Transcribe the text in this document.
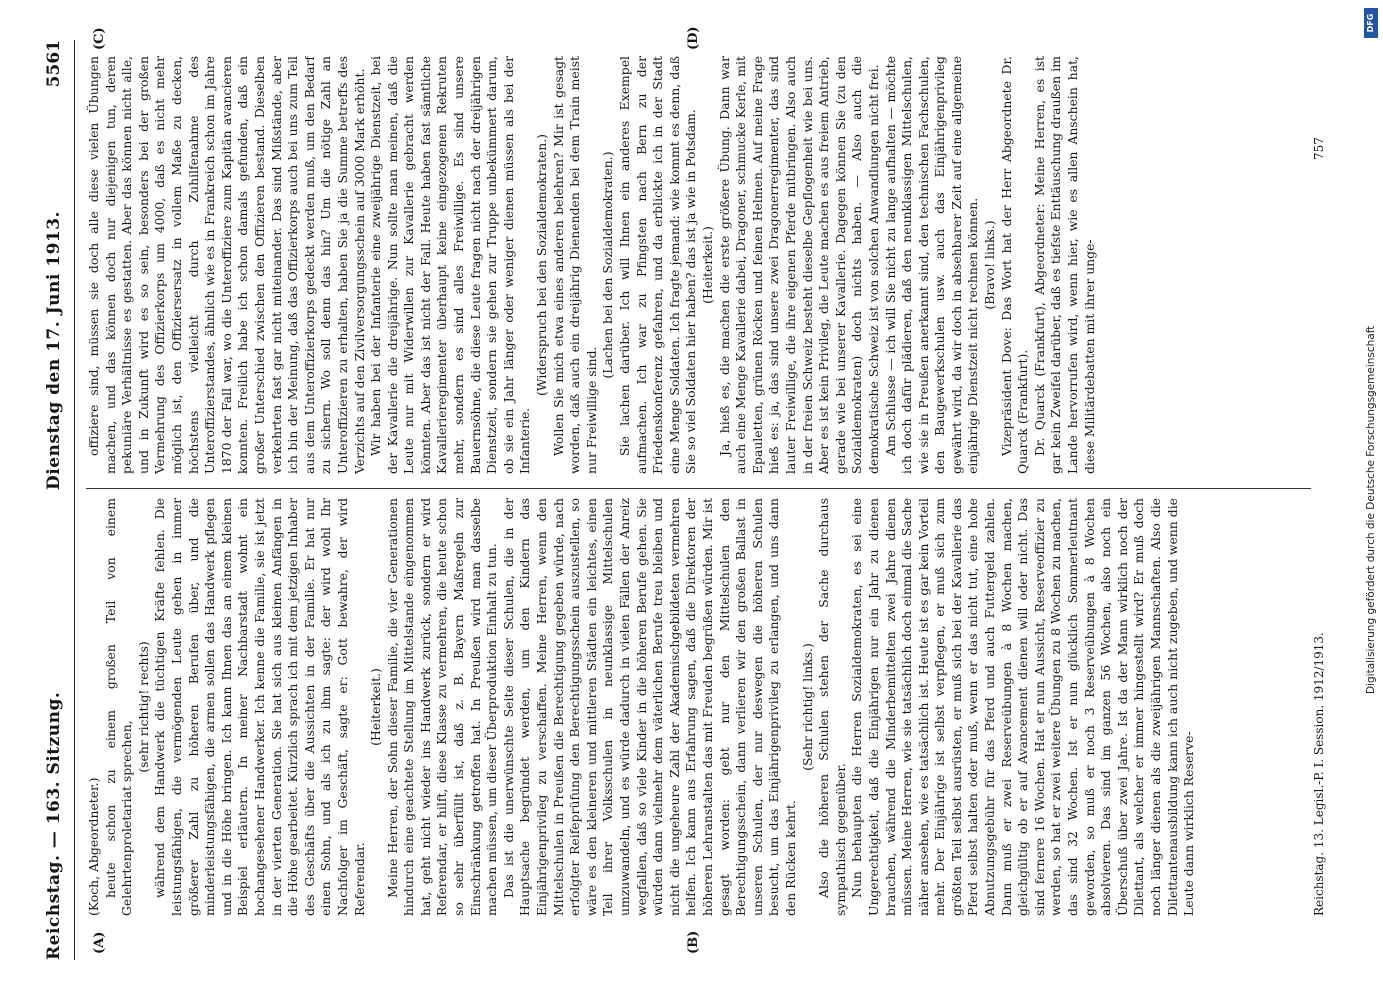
Reichstag. — 163. Sitzung.
Dienstag den 17. Juni 1913.
5561
(A)	(B)
(C)	(D)

(Koch, Abgeordneter.) heute schon zu einem großen Teil von einem Gelehrtenproletariat sprechen,

(sehr richtig! rechts) während dem Handwerk die tüchtigen Kräfte fehlen. Die leistungsfähigen, die vermögenden Leute gehen in immer größerer Zahl zu höheren Berufen über, und die minderleistungsfähigen, die armen sollen das Handwerk pflegen und in die Höhe bringen. Ich kann Ihnen das an einem kleinen Beispiel erläutern. In meiner Nachbarstadt wohnt ein hochangesehener Handwerker. Ich kenne die Familie, sie ist jetzt in der vierten Generation. Sie hat sich aus kleinen Anfängen in die Höhe gearbeitet. Kürzlich sprach ich mit dem jetzigen Inhaber des Geschäfts über die Aussichten in der Familie. Er hat nur einen Sohn, und als ich zu ihm sagte: der wird wohl Ihr Nachfolger im Geschäft, sagte er: Gott bewahre, der wird Referendar.

(Heiterkeit.) Meine Herren, der Sohn dieser Familie, die vier Generationen hindurch eine geachtete Stellung im Mittelstande eingenommen hat, geht nicht wieder ins Handwerk zurück, sondern er wird Referendar, er hilft, diese Klasse zu vermehren, die heute schon so sehr überfüllt ist, daß z. B. Bayern Maßregeln zur Einschränkung getroffen hat. In Preußen wird man dasselbe machen müssen, um dieser Überproduktion Einhalt zu tun. Das ist die unerwünschte Seite dieser Schulen, die in der Hauptsache begründet werden, um den Kindern das Einjährigenprivileg zu verschaffen. Meine Herren, wenn den Mittelschulen in Preußen die Berechtigung gegeben würde, nach erfolgter Reifeprüfung den Berechtigungsschein auszustellen, so wäre es den kleineren und mittleren Städten ein leichtes, einen Teil ihrer Volksschulen in neunklassige Mittelschulen umzuwandeln, und es würde dadurch in vielen Fällen der Anreiz wegfallen, daß so viele Kinder in die höheren Berufe gehen. Sie würden dann vielmehr dem väterlichen Berufe treu bleiben und nicht die ungeheure Zahl der Akademischgebildeten vermehren helfen. Ich kann aus Erfahrung sagen, daß die Direktoren der höheren Lehranstalten das mit Freuden begrüßen würden. Mir ist gesagt worden: gebt nur den Mittelschulen den Berechtigungsschein, dann verlieren wir den großen Ballast in unseren Schulen, der nur deswegen die höheren Schulen besucht, um das Einjährigenprivileg zu erlangen, und uns dann den Rücken kehrt.

(Sehr richtig! links.) Also die höheren Schulen stehen der Sache durchaus sympathisch gegenüber. Nun behaupten die Herren Sozialdemokraten, es sei eine Ungerechtigkeit, daß die Einjährigen nur ein Jahr zu dienen brauchen, während die Minderbemittelten zwei Jahre dienen müssen. Meine Herren, wie sie tatsächlich doch einmal die Sache näher ansehen, wie es tatsächlich ist. Heute ist es gar kein Vorteil mehr. Der Einjährige ist selbst verpflegen, er muß sich zum größten Teil selbst ausrüsten, er muß sich bei der Kavallerie das Pferd selbst halten oder muß, wenn er das nicht tut, eine hohe Abnutzungsgebühr für das Pferd und auch Futtergeld zahlen. Dann muß er zwei Reserveübungen à 8 Wochen machen, gleichgültig ob er auf Avancement dienen will oder nicht. Das sind fernere 16 Wochen. Hat er nun Aussicht, Reserveoffizier zu werden, so hat er zwei weitere Übungen zu 8 Wochen zu machen, das sind 32 Wochen. Ist er nun glücklich Sommerleutnant geworden, so muß er noch 3 Reserveübungen à 8 Wochen absolvieren. Das sind im ganzen 56 Wochen, also noch ein Überschuß über zwei Jahre. Ist da der Mann wirklich noch der Dilettant, als welcher er immer hingestellt wird? Er muß doch noch länger dienen als die zweijährigen Mannschaften. Also die Dilettantenausbildung kann ich auch nicht zugeben, und wenn die Leute dann wirklich Reserve-

offiziere sind, müssen sie doch alle diese vielen Übungen machen, und das können doch nur diejenigen tun, deren pekuniäre Verhältnisse es gestatten. Aber das können nicht alle, und in Zukunft wird es so sein, besonders bei der großen Vermehrung des Offizierkorps um 4000, daß es nicht mehr möglich ist, den Offiziersersatz in vollem Maße zu decken, höchstens vielleicht durch Zuhilfenahme des Unteroffizierstandes, ähnlich wie es in Frankreich schon im Jahre 1870 der Fall war, wo die Unteroffiziere zum Kapitän avancieren konnten. Freilich habe ich schon damals gefunden, daß ein großer Unterschied zwischen den Offizieren bestand. Dieselben verkehrten fast gar nicht miteinander. Das sind Mißstände, aber ich bin der Meinung, daß das Offizierkorps auch bei uns zum Teil aus dem Unteroffizierkorps gedeckt werden muß, um den Bedarf zu sichern. Wo soll denn das hin? Um die nötige Zahl an Unteroffizieren zu erhalten, haben Sie ja die Summe betreffs des Verzichts auf den Zivilversorgungsschein auf 3000 Mark erhöht. Wir haben bei der Infanterie eine zweijährige Dienstzeit, bei der Kavallerie die dreijährige. Nun sollte man meinen, daß die Leute nur mit Widerwillen zur Kavallerie gebracht werden könnten. Aber das ist nicht der Fall. Heute haben fast sämtliche Kavallerieregimenter überhaupt keine eingezogenen Rekruten mehr, sondern es sind alles Freiwillige. Es sind unsere Bauernsöhne, die diese Leute fragen nicht nach der dreijährigen Dienstzeit, sondern sie gehen zur Truppe unbekümmert darum, ob sie ein Jahr länger oder weniger dienen müssen als bei der Infanterie.

(Widerspruch bei den Sozialdemokraten.) Wollen Sie mich etwa eines anderen belehren? Mir ist gesagt worden, daß auch ein dreijährig Dienenden bei dem Train meist nur Freiwillige sind.

(Lachen bei den Sozialdemokraten.) Sie lachen darüber. Ich will Ihnen ein anderes Exempel aufmachen. Ich war zu Pfingsten nach Bern zu der Friedenskonferenz gefahren, und da erblickte ich in der Stadt eine Menge Soldaten. Ich fragte jemand: wie kommt es denn, daß Sie so viel Soldaten hier haben? das ist ja wie in Potsdam. (Heiterkeit.) Ja, hieß es, die machen die erste größere Übung. Dann war auch eine Menge Kavallerie dabei, Dragoner, schmucke Kerle, mit Epauletten, grünen Röcken und feinen Helmen. Auf meine Frage hieß es: ja, das sind unsere zwei Dragonerregimenter, das sind lauter Freiwillige, die ihre eigenen Pferde mitbringen. Also auch in der freien Schweiz besteht dieselbe Gepflogenheit wie bei uns. Aber es ist kein Privileg, die Leute machen es aus freiem Antrieb, gerade wie bei unserer Kavallerie. Dagegen können Sie (zu den Sozialdemokraten) doch nichts haben. — Also auch die demokratische Schweiz ist von solchen Anwandlungen nicht frei. Am Schlusse — ich will Sie nicht zu lange aufhalten — möchte ich doch dafür plädieren, daß den neunklassigen Mittelschulen, wie sie in Preußen anerkannt sind, den technischen Fachschulen, den Baugewerkschulen usw. auch das Einjährigenprivileg gewährt wird, da wir doch in absehbarer Zeit auf eine allgemeine einjährige Dienstzeit nicht rechnen können. (Bravo! links.) Vizepräsident Dove: Das Wort hat der Herr Abgeordnete Dr. Quarck (Frankfurt). Dr. Quarck (Frankfurt), Abgeordneter: Meine Herren, es ist gar kein Zweifel darüber, daß es tiefste Enttäuschung draußen im Lande hervorrufen wird, wenn hier, wie es allen Anschein hat, diese Militärdebatten mit ihrer unge-

Reichstag. 13. Legisl.-P. I. Session. 1912/1913.
757
Digitalisierung gefördert durch die Deutsche Forschungsgemeinschaft
DFG
